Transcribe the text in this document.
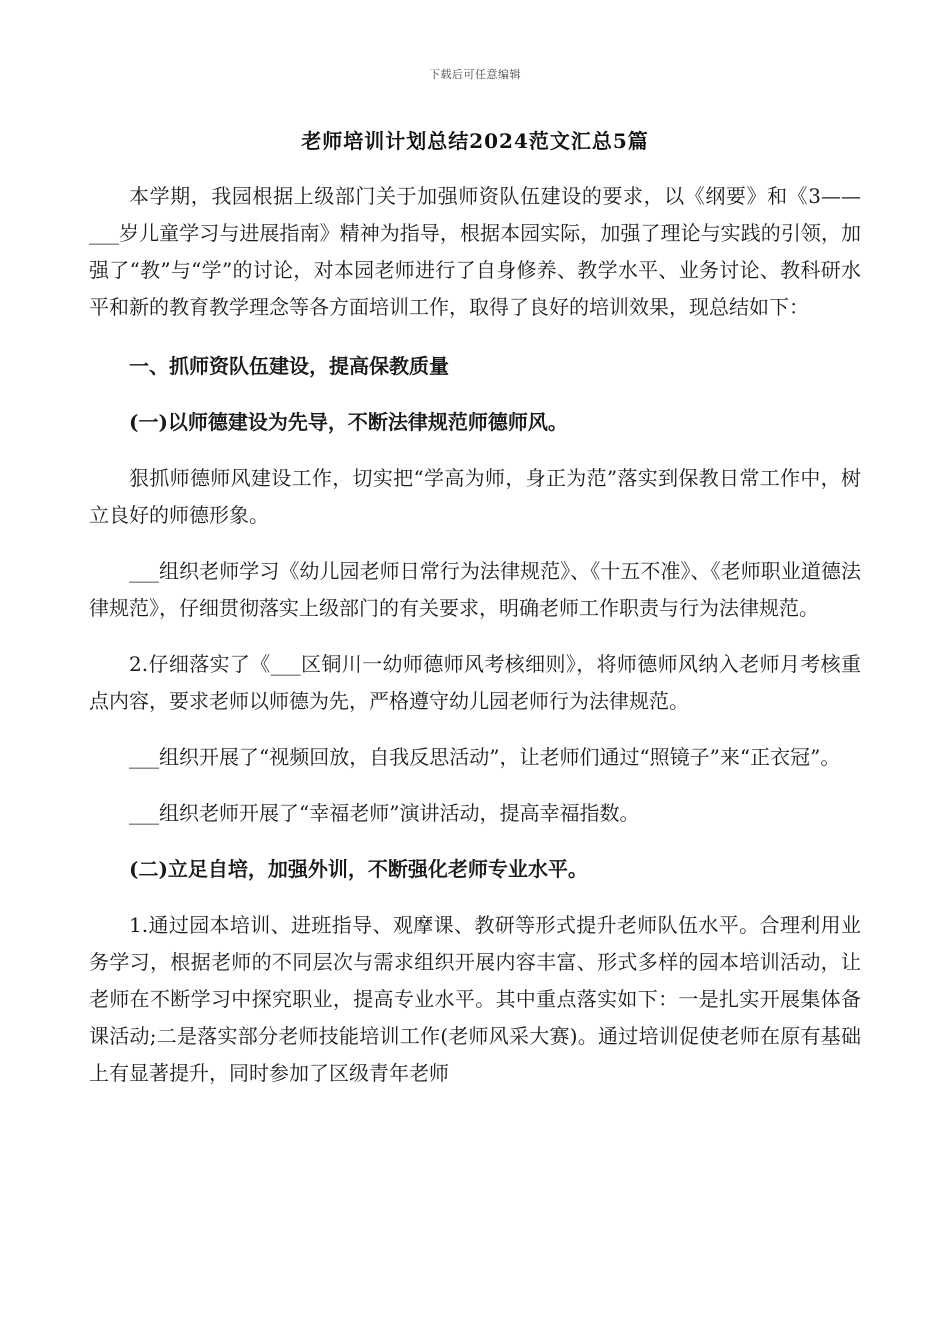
下载后可任意编辑
老师培训计划总结2024范文汇总5篇

本学期，我园根据上级部门关于加强师资队伍建设的要求，以《纲要》和《3——___岁儿童学习与进展指南》精神为指导，根据本园实际，加强了理论与实践的引领，加强了“教”与“学”的讨论，对本园老师进行了自身修养、教学水平、业务讨论、教科研水平和新的教育教学理念等各方面培训工作，取得了良好的培训效果，现总结如下：

一、抓师资队伍建设，提高保教质量

(一)以师德建设为先导，不断法律规范师德师风。

狠抓师德师风建设工作，切实把“学高为师，身正为范”落实到保教日常工作中，树立良好的师德形象。

___组织老师学习《幼儿园老师日常行为法律规范》、《十五不准》、《老师职业道德法律规范》，仔细贯彻落实上级部门的有关要求，明确老师工作职责与行为法律规范。

2.仔细落实了《___区铜川一幼师德师风考核细则》，将师德师风纳入老师月考核重点内容，要求老师以师德为先，严格遵守幼儿园老师行为法律规范。

___组织开展了“视频回放，自我反思活动”，让老师们通过“照镜子”来“正衣冠”。

___组织老师开展了“幸福老师”演讲活动，提高幸福指数。

(二)立足自培，加强外训，不断强化老师专业水平。

1.通过园本培训、进班指导、观摩课、教研等形式提升老师队伍水平。合理利用业务学习，根据老师的不同层次与需求组织开展内容丰富、形式多样的园本培训活动，让老师在不断学习中探究职业，提高专业水平。其中重点落实如下：一是扎实开展集体备课活动;二是落实部分老师技能培训工作(老师风采大赛)。通过培训促使老师在原有基础上有显著提升，同时参加了区级青年老师
